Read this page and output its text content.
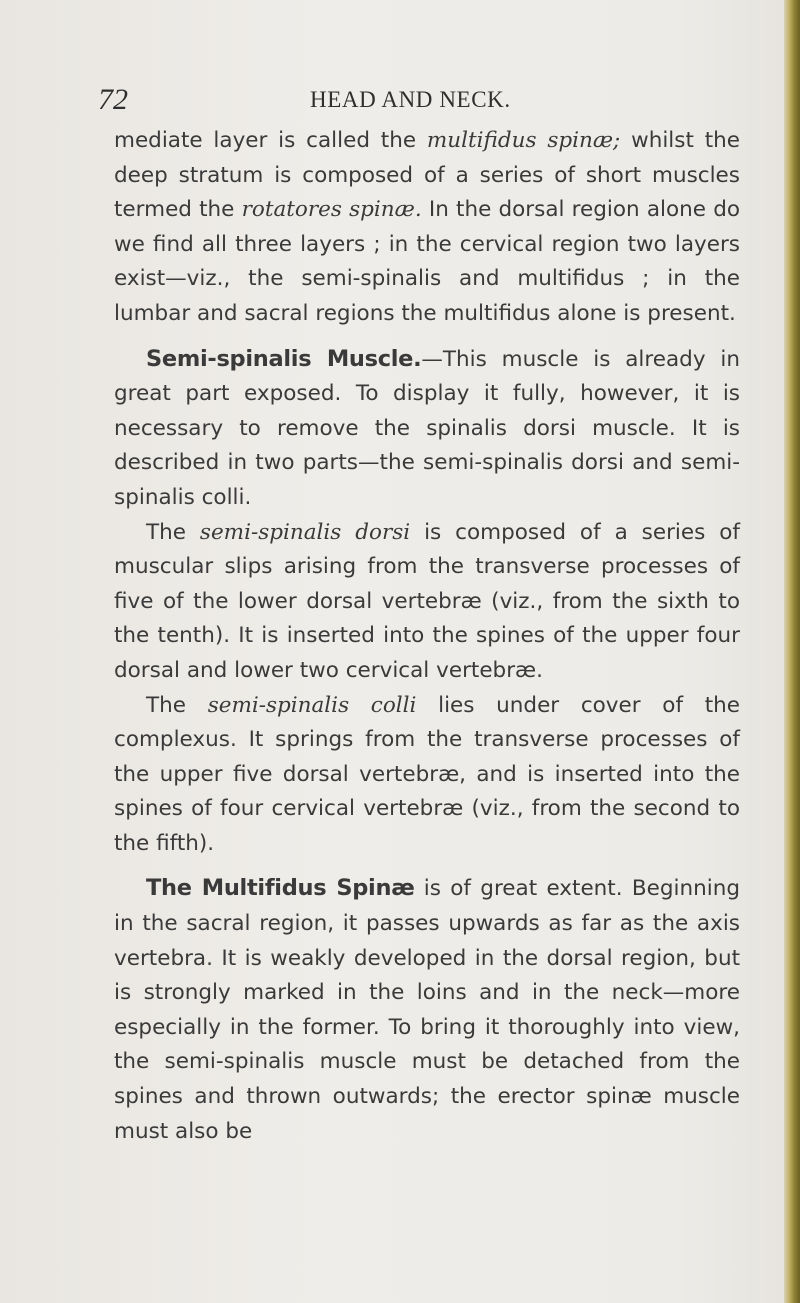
72	HEAD AND NECK.

mediate layer is called the multifidus spinæ; whilst the deep stratum is composed of a series of short muscles termed the rotatores spinæ. In the dorsal region alone do we find all three layers ; in the cervical region two layers exist—viz., the semi-spinalis and multifidus ; in the lumbar and sacral regions the multifidus alone is present.

Semi-spinalis Muscle.—This muscle is already in great part exposed. To display it fully, however, it is necessary to remove the spinalis dorsi muscle. It is described in two parts—the semi-spinalis dorsi and semi-spinalis colli.

The semi-spinalis dorsi is composed of a series of muscular slips arising from the transverse processes of five of the lower dorsal vertebræ (viz., from the sixth to the tenth). It is inserted into the spines of the upper four dorsal and lower two cervical vertebræ.

The semi-spinalis colli lies under cover of the complexus. It springs from the transverse processes of the upper five dorsal vertebræ, and is inserted into the spines of four cervical vertebræ (viz., from the second to the fifth).

The Multifidus Spinæ is of great extent. Beginning in the sacral region, it passes upwards as far as the axis vertebra. It is weakly developed in the dorsal region, but is strongly marked in the loins and in the neck—more especially in the former. To bring it thoroughly into view, the semi-spinalis muscle must be detached from the spines and thrown outwards; the erector spinæ muscle must also be
